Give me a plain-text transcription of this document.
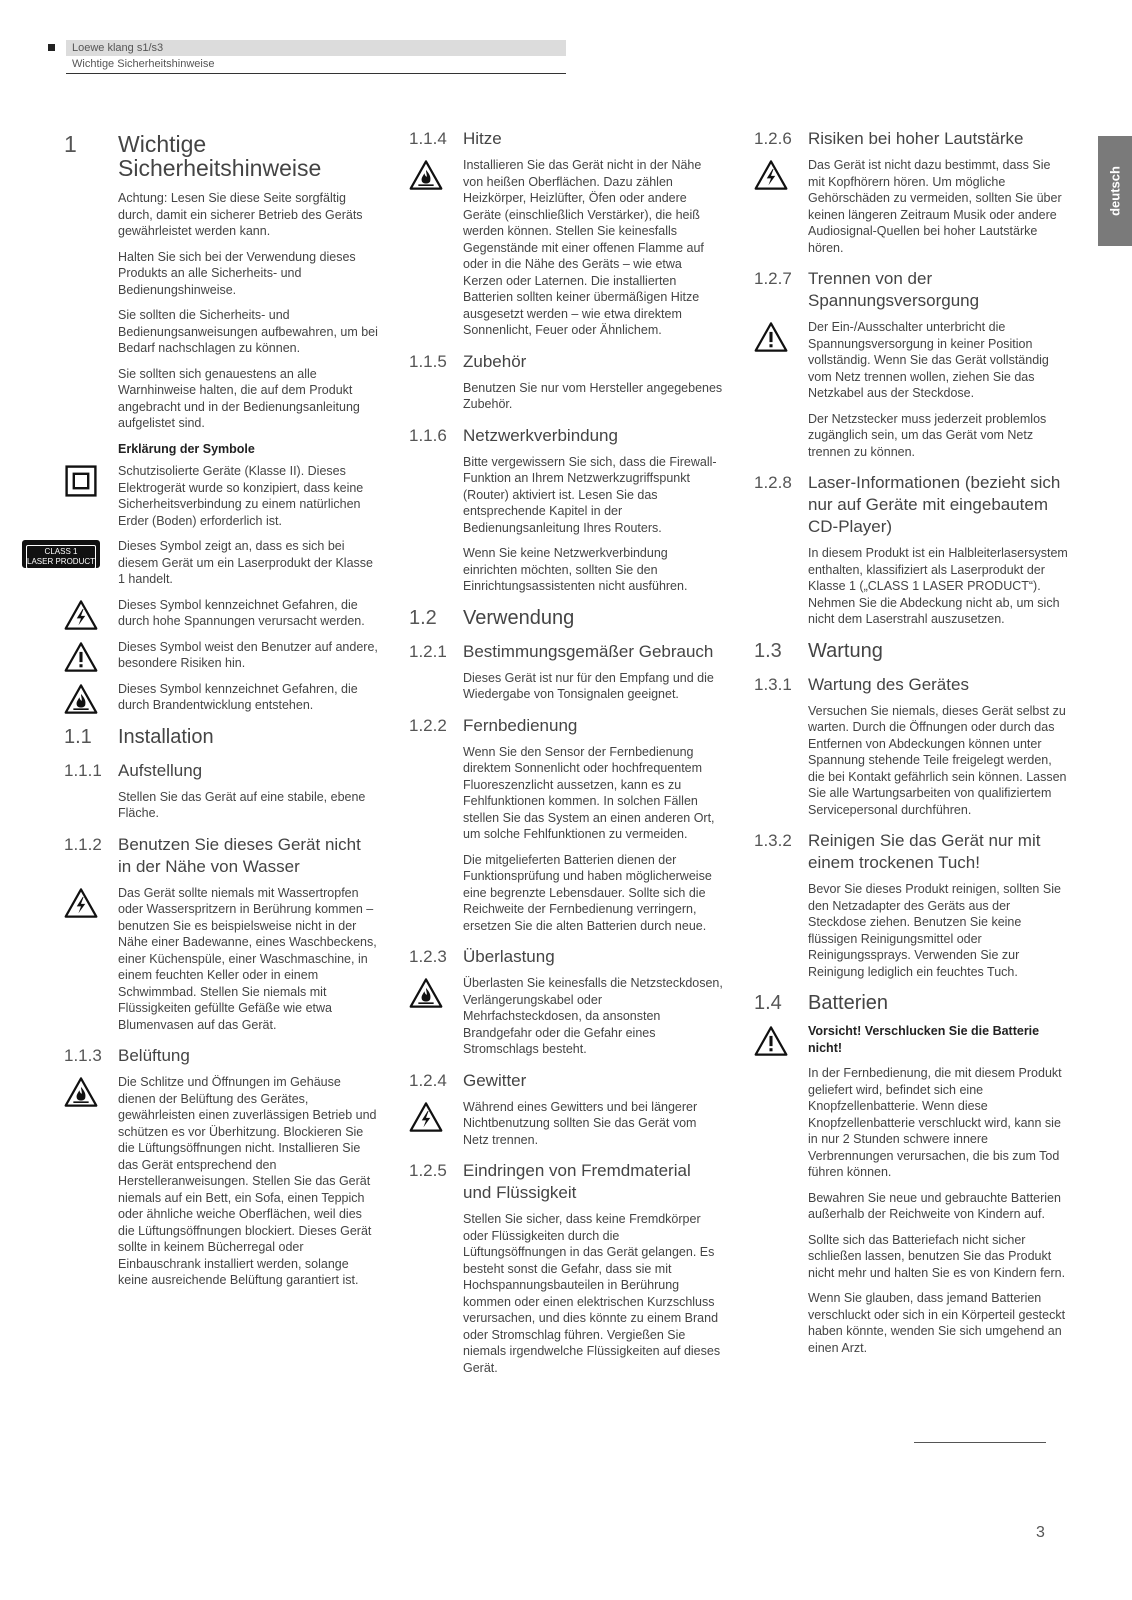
Loewe klang s1/s3
Wichtige Sicherheitshinweise
deutsch
1	Wichtige Sicherheitshinweise

Achtung: Lesen Sie diese Seite sorgfältig durch, damit ein sicherer Betrieb des Geräts gewährleistet werden kann.

Halten Sie sich bei der Verwendung dieses Produkts an alle Sicherheits- und Bedienungshinweise.

Sie sollten die Sicherheits- und Bedienungsanweisungen aufbewahren, um bei Bedarf nachschlagen zu können.

Sie sollten sich genauestens an alle Warnhinweise halten, die auf dem Produkt angebracht und in der Bedienungsanleitung aufgelistet sind.

Erklärung der Symbole

Schutzisolierte Geräte (Klasse II). Dieses Elektrogerät wurde so konzipiert, dass keine Sicherheitsverbindung zu einem natürlichen Erder (Boden) erforderlich ist.

CLASS 1
LASER PRODUCT

Dieses Symbol zeigt an, dass es sich bei diesem Gerät um ein Laserprodukt der Klasse 1 handelt.

Dieses Symbol kennzeichnet Gefahren, die durch hohe Spannungen verursacht werden.

Dieses Symbol weist den Benutzer auf andere, besondere Risiken hin.

Dieses Symbol kennzeichnet Gefahren, die durch Brandentwicklung entstehen.

1.1	Installation
1.1.1 Aufstellung

Stellen Sie das Gerät auf eine stabile, ebene Fläche.

1.1.2 Benutzen Sie dieses Gerät nicht in der Nähe von Wasser

Das Gerät sollte niemals mit Wassertropfen oder Wasserspritzern in Berührung kommen – benutzen Sie es beispielsweise nicht in der Nähe einer Badewanne, eines Waschbeckens, einer Küchenspüle, einer Waschmaschine, in einem feuchten Keller oder in einem Schwimmbad. Stellen Sie niemals mit Flüssigkeiten gefüllte Gefäße wie etwa Blumenvasen auf das Gerät.

1.1.3 Belüftung

Die Schlitze und Öffnungen im Gehäuse dienen der Belüftung des Gerätes, gewährleisten einen zuverlässigen Betrieb und schützen es vor Überhitzung. Blockieren Sie die Lüftungsöffnungen nicht. Installieren Sie das Gerät entsprechend den Herstelleranweisungen. Stellen Sie das Gerät niemals auf ein Bett, ein Sofa, einen Teppich oder ähnliche weiche Oberflächen, weil dies die Lüftungsöffnungen blockiert. Dieses Gerät sollte in keinem Bücherregal oder Einbauschrank installiert werden, solange keine ausreichende Belüftung garantiert ist.

1.1.4 Hitze

Installieren Sie das Gerät nicht in der Nähe von heißen Oberflächen. Dazu zählen Heizkörper, Heizlüfter, Öfen oder andere Geräte (einschließlich Verstärker), die heiß werden können. Stellen Sie keinesfalls Gegenstände mit einer offenen Flamme auf oder in die Nähe des Geräts – wie etwa Kerzen oder Laternen. Die installierten Batterien sollten keiner übermäßigen Hitze ausgesetzt werden – wie etwa direktem Sonnenlicht, Feuer oder Ähnlichem.

1.1.5 Zubehör

Benutzen Sie nur vom Hersteller angegebenes Zubehör.

1.1.6 Netzwerkverbindung

Bitte vergewissern Sie sich, dass die Firewall-Funktion an Ihrem Netzwerkzugriffspunkt (Router) aktiviert ist. Lesen Sie das entsprechende Kapitel in der Bedienungsanleitung Ihres Routers.

Wenn Sie keine Netzwerkverbindung einrichten möchten, sollten Sie den Einrichtungsassistenten nicht ausführen.

1.2	Verwendung
1.2.1 Bestimmungsgemäßer Gebrauch

Dieses Gerät ist nur für den Empfang und die Wiedergabe von Tonsignalen geeignet.

1.2.2 Fernbedienung

Wenn Sie den Sensor der Fernbedienung direktem Sonnenlicht oder hochfrequentem Fluoreszenzlicht aussetzen, kann es zu Fehlfunktionen kommen. In solchen Fällen stellen Sie das System an einen anderen Ort, um solche Fehlfunktionen zu vermeiden.

Die mitgelieferten Batterien dienen der Funktionsprüfung und haben möglicherweise eine begrenzte Lebensdauer. Sollte sich die Reichweite der Fernbedienung verringern, ersetzen Sie die alten Batterien durch neue.

1.2.3 Überlastung

Überlasten Sie keinesfalls die Netzsteckdosen, Verlängerungskabel oder Mehrfachsteckdosen, da ansonsten Brandgefahr oder die Gefahr eines Stromschlags besteht.

1.2.4 Gewitter

Während eines Gewitters und bei längerer Nichtbenutzung sollten Sie das Gerät vom Netz trennen.

1.2.5 Eindringen von Fremdmaterial und Flüssigkeit

Stellen Sie sicher, dass keine Fremdkörper oder Flüssigkeiten durch die Lüftungsöffnungen in das Gerät gelangen. Es besteht sonst die Gefahr, dass sie mit Hochspannungsbauteilen in Berührung kommen oder einen elektrischen Kurzschluss verursachen, und dies könnte zu einem Brand oder Stromschlag führen. Vergießen Sie niemals irgendwelche Flüssigkeiten auf dieses Gerät.

1.2.6 Risiken bei hoher Lautstärke

Das Gerät ist nicht dazu bestimmt, dass Sie mit Kopfhörern hören. Um mögliche Gehörschäden zu vermeiden, sollten Sie über keinen längeren Zeitraum Musik oder andere Audiosignal-Quellen bei hoher Lautstärke hören.

1.2.7 Trennen von der Spannungsversorgung

Der Ein-/Ausschalter unterbricht die Spannungsversorgung in keiner Position vollständig. Wenn Sie das Gerät vollständig vom Netz trennen wollen, ziehen Sie das Netzkabel aus der Steckdose.

Der Netzstecker muss jederzeit problemlos zugänglich sein, um das Gerät vom Netz trennen zu können.

1.2.8 Laser-Informationen (bezieht sich nur auf Geräte mit eingebautem CD-Player)

In diesem Produkt ist ein Halbleiterlasersystem enthalten, klassifiziert als Laserprodukt der Klasse 1 („CLASS 1 LASER PRODUCT“). Nehmen Sie die Abdeckung nicht ab, um sich nicht dem Laserstrahl auszusetzen.

1.3	Wartung
1.3.1 Wartung des Gerätes

Versuchen Sie niemals, dieses Gerät selbst zu warten. Durch die Öffnungen oder durch das Entfernen von Abdeckungen können unter Spannung stehende Teile freigelegt werden, die bei Kontakt gefährlich sein können. Lassen Sie alle Wartungsarbeiten von qualifiziertem Servicepersonal durchführen.

1.3.2 Reinigen Sie das Gerät nur mit einem trockenen Tuch!

Bevor Sie dieses Produkt reinigen, sollten Sie den Netzadapter des Geräts aus der Steckdose ziehen. Benutzen Sie keine flüssigen Reinigungsmittel oder Reinigungssprays. Verwenden Sie zur Reinigung lediglich ein feuchtes Tuch.

1.4	Batterien

Vorsicht! Verschlucken Sie die Batterie nicht!

In der Fernbedienung, die mit diesem Produkt geliefert wird, befindet sich eine Knopfzellenbatterie. Wenn diese Knopfzellenbatterie verschluckt wird, kann sie in nur 2 Stunden schwere innere Verbrennungen verursachen, die bis zum Tod führen können.

Bewahren Sie neue und gebrauchte Batterien außerhalb der Reichweite von Kindern auf.

Sollte sich das Batteriefach nicht sicher schließen lassen, benutzen Sie das Produkt nicht mehr und halten Sie es von Kindern fern.

Wenn Sie glauben, dass jemand Batterien verschluckt oder sich in ein Körperteil gesteckt haben könnte, wenden Sie sich umgehend an einen Arzt.

3
